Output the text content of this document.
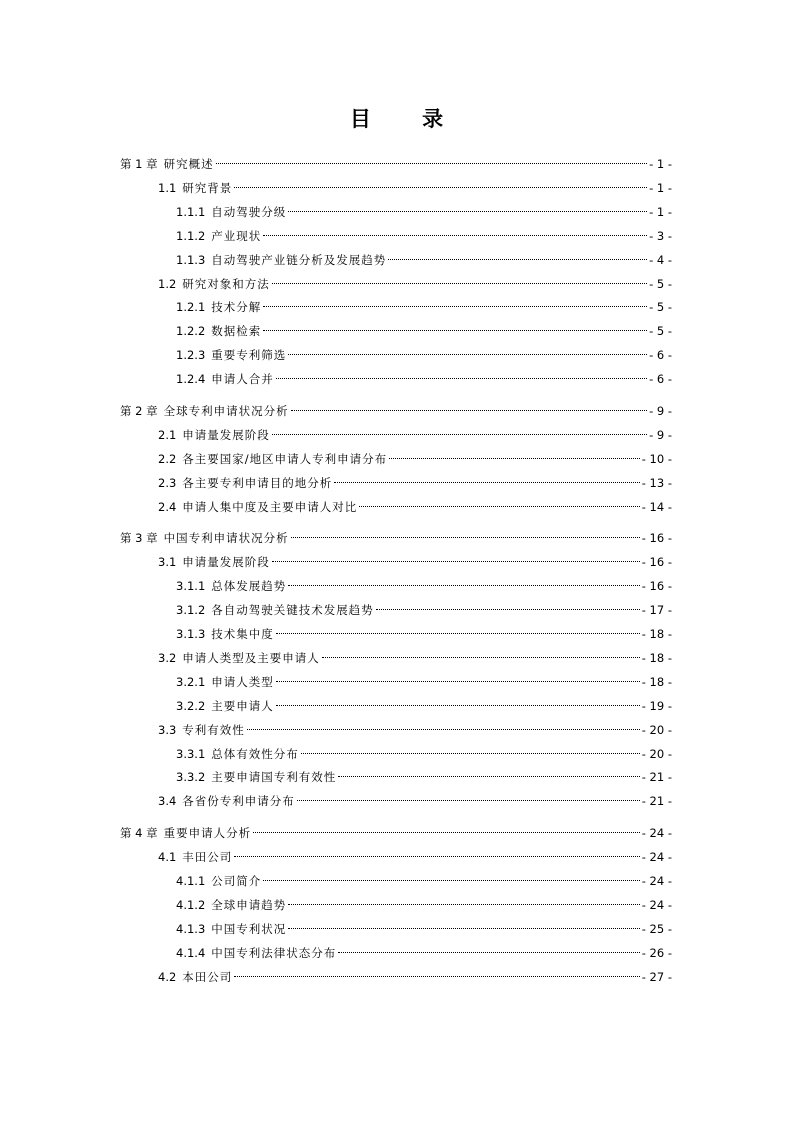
目 录
第 1 章 研究概述	- 1 -
1.1 研究背景	- 1 -
1.1.1 自动驾驶分级	- 1 -
1.1.2 产业现状	- 3 -
1.1.3 自动驾驶产业链分析及发展趋势	- 4 -
1.2 研究对象和方法	- 5 -
1.2.1 技术分解	- 5 -
1.2.2 数据检索	- 5 -
1.2.3 重要专利筛选	- 6 -
1.2.4 申请人合并	- 6 -
第 2 章 全球专利申请状况分析	- 9 -
2.1 申请量发展阶段	- 9 -
2.2 各主要国家/地区申请人专利申请分布	- 10 -
2.3 各主要专利申请目的地分析	- 13 -
2.4 申请人集中度及主要申请人对比	- 14 -
第 3 章 中国专利申请状况分析	- 16 -
3.1 申请量发展阶段	- 16 -
3.1.1 总体发展趋势	- 16 -
3.1.2 各自动驾驶关键技术发展趋势	- 17 -
3.1.3 技术集中度	- 18 -
3.2 申请人类型及主要申请人	- 18 -
3.2.1 申请人类型	- 18 -
3.2.2 主要申请人	- 19 -
3.3 专利有效性	- 20 -
3.3.1 总体有效性分布	- 20 -
3.3.2 主要申请国专利有效性	- 21 -
3.4 各省份专利申请分布	- 21 -
第 4 章 重要申请人分析	- 24 -
4.1 丰田公司	- 24 -
4.1.1 公司简介	- 24 -
4.1.2 全球申请趋势	- 24 -
4.1.3 中国专利状况	- 25 -
4.1.4 中国专利法律状态分布	- 26 -
4.2 本田公司	- 27 -
